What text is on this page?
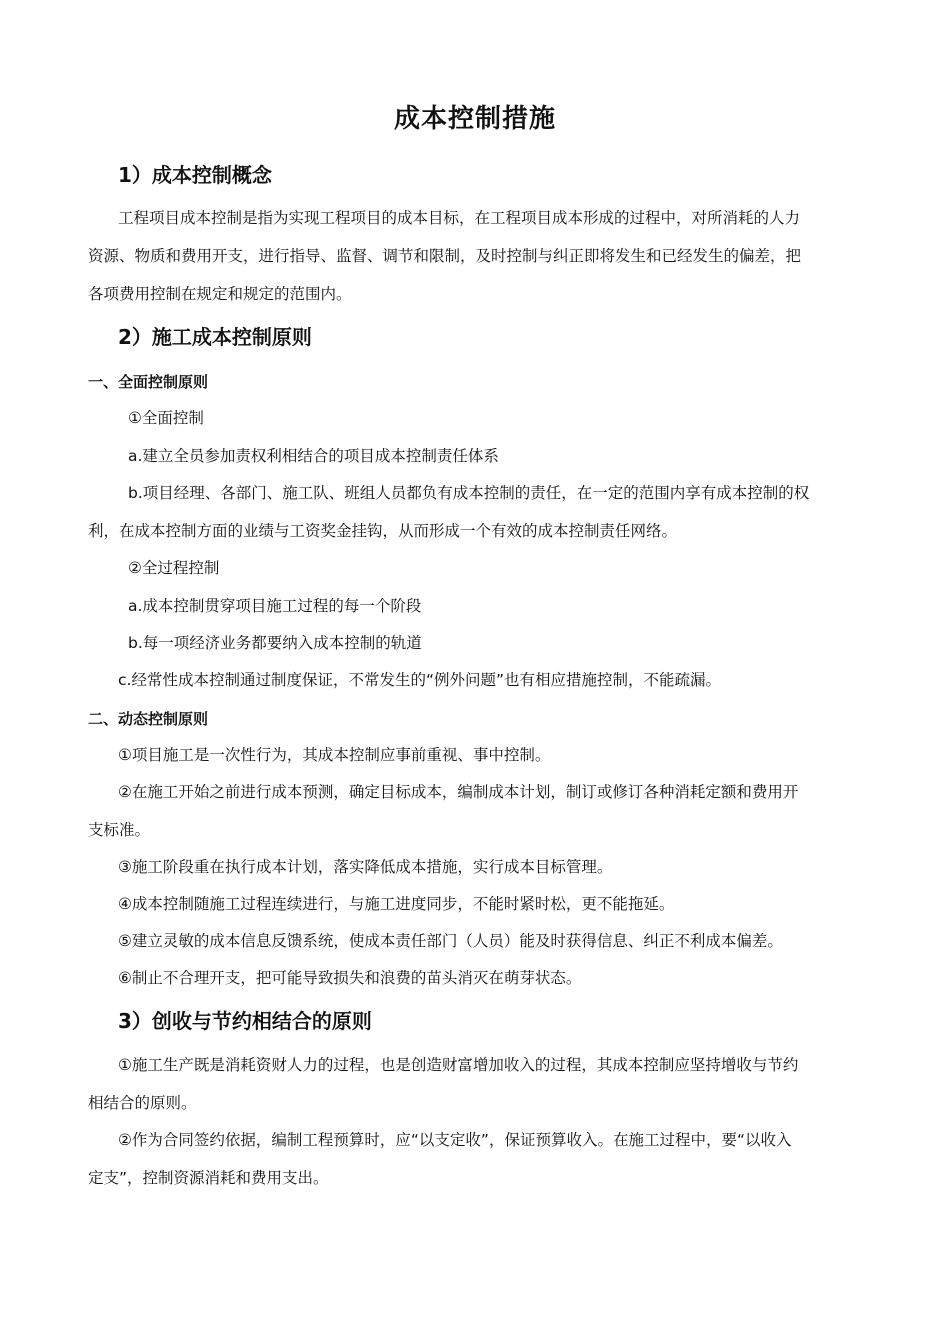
成本控制措施
1）成本控制概念
工程项目成本控制是指为实现工程项目的成本目标，在工程项目成本形成的过程中，对所消耗的人力
资源、物质和费用开支，进行指导、监督、调节和限制，及时控制与纠正即将发生和已经发生的偏差，把
各项费用控制在规定和规定的范围内。
2）施工成本控制原则
一、全面控制原则
①全面控制
a.建立全员参加责权利相结合的项目成本控制责任体系
b.项目经理、各部门、施工队、班组人员都负有成本控制的责任，在一定的范围内享有成本控制的权
利，在成本控制方面的业绩与工资奖金挂钩，从而形成一个有效的成本控制责任网络。
②全过程控制
a.成本控制贯穿项目施工过程的每一个阶段
b.每一项经济业务都要纳入成本控制的轨道
c.经常性成本控制通过制度保证，不常发生的“例外问题”也有相应措施控制，不能疏漏。
二、动态控制原则
①项目施工是一次性行为，其成本控制应事前重视、事中控制。
②在施工开始之前进行成本预测，确定目标成本，编制成本计划，制订或修订各种消耗定额和费用开
支标准。
③施工阶段重在执行成本计划，落实降低成本措施，实行成本目标管理。
④成本控制随施工过程连续进行，与施工进度同步，不能时紧时松，更不能拖延。
⑤建立灵敏的成本信息反馈系统，使成本责任部门（人员）能及时获得信息、纠正不利成本偏差。
⑥制止不合理开支，把可能导致损失和浪费的苗头消灭在萌芽状态。
3）创收与节约相结合的原则
①施工生产既是消耗资财人力的过程，也是创造财富增加收入的过程，其成本控制应坚持增收与节约
相结合的原则。
②作为合同签约依据，编制工程预算时，应“以支定收”，保证预算收入。在施工过程中，要“以收入
定支”，控制资源消耗和费用支出。
